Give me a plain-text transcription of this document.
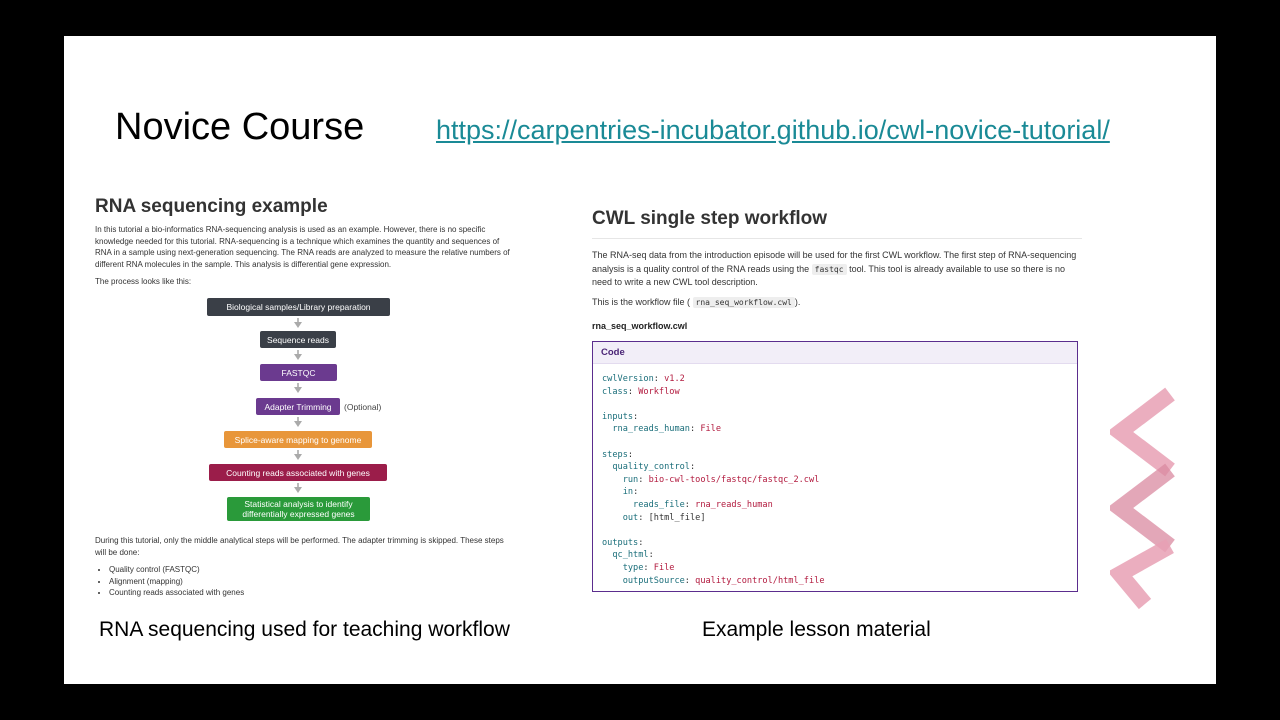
Novice Course	https://carpentries-incubator.github.io/cwl-novice-tutorial/
RNA sequencing example

In this tutorial a bio-informatics RNA-sequencing analysis is used as an example. However, there is no specific knowledge needed for this tutorial. RNA-sequencing is a technique which examines the quantity and sequences of RNA in a sample using next-generation sequencing. The RNA reads are analyzed to measure the relative numbers of different RNA molecules in the sample. This analysis is differential gene expression.

The process looks like this:

Biological samples/Library preparation
Sequence reads
FASTQC
Adapter Trimming	(Optional)
Splice-aware mapping to genome
Counting reads associated with genes
Statistical analysis to identify differentially expressed genes

During this tutorial, only the middle analytical steps will be performed. The adapter trimming is skipped. These steps will be done:

• Quality control (FASTQC)
• Alignment (mapping)
• Counting reads associated with genes
CWL single step workflow

The RNA-seq data from the introduction episode will be used for the first CWL workflow. The first step of RNA-sequencing analysis is a quality control of the RNA reads using the fastqc tool. This tool is already available to use so there is no need to write a new CWL tool description.

This is the workflow file ( rna_seq_workflow.cwl ).

rna_seq_workflow.cwl
Code
cwlVersion: v1.2
class: Workflow

inputs:
rna_reads_human: File

steps:
quality_control:
run: bio-cwl-tools/fastqc/fastqc_2.cwl
in:
reads_file: rna_reads_human
out: [html_file]

outputs:
qc_html:
type: File
outputSource: quality_control/html_file
RNA sequencing used for teaching workflow	Example lesson material
